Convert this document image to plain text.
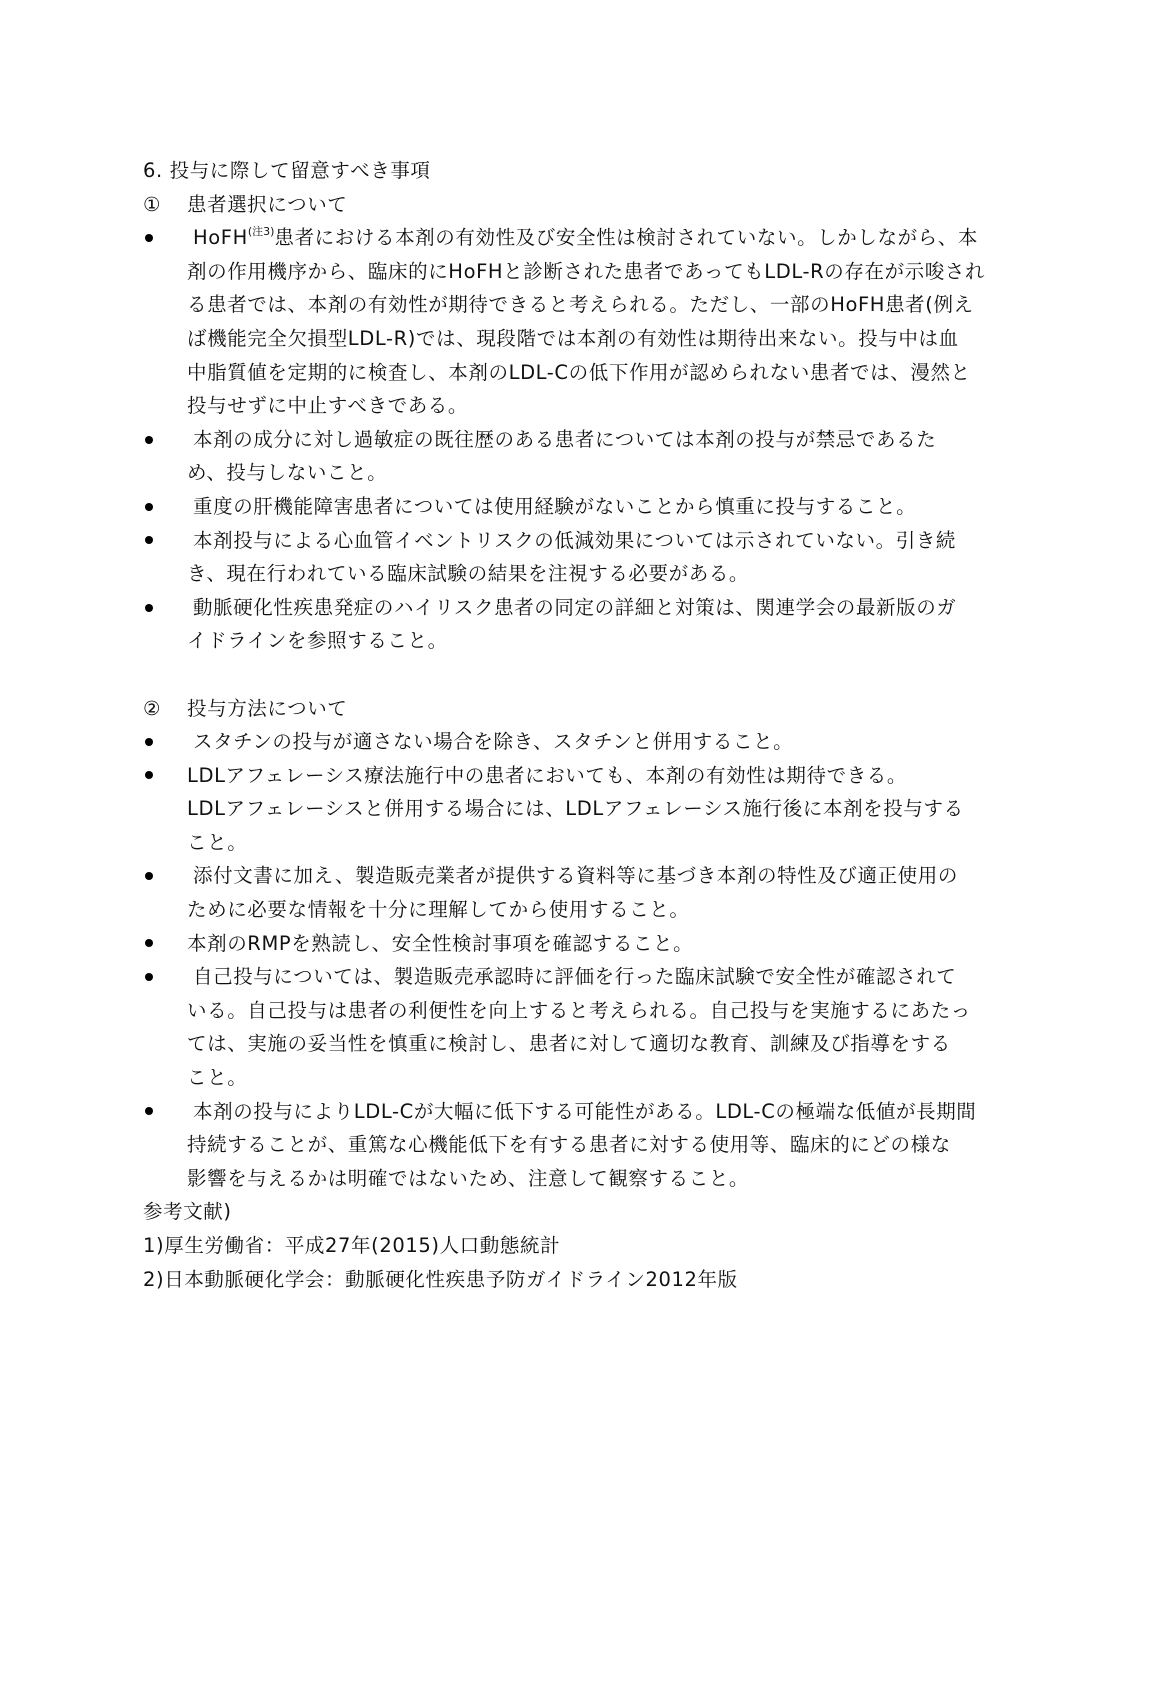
6. 投与に際して留意すべき事項
①	患者選択について
HoFH$^{(注3)}$患者における本剤の有効性及び安全性は検討されていない。しかしながら、本
剤の作用機序から、臨床的にHoFHと診断された患者であってもLDL-Rの存在が示唆され
る患者では、本剤の有効性が期待できると考えられる。ただし、一部のHoFH患者(例え
ば機能完全欠損型LDL-R)では、現段階では本剤の有効性は期待出来ない。投与中は血
中脂質値を定期的に検査し、本剤のLDL-Cの低下作用が認められない患者では、漫然と
投与せずに中止すべきである。
本剤の成分に対し過敏症の既往歴のある患者については本剤の投与が禁忌であるた
め、投与しないこと。
重度の肝機能障害患者については使用経験がないことから慎重に投与すること。
本剤投与による心血管イベントリスクの低減効果については示されていない。引き続
き、現在行われている臨床試験の結果を注視する必要がある。
動脈硬化性疾患発症のハイリスク患者の同定の詳細と対策は、関連学会の最新版のガ
イドラインを参照すること。
②	投与方法について
スタチンの投与が適さない場合を除き、スタチンと併用すること。
LDLアフェレーシス療法施行中の患者においても、本剤の有効性は期待できる。
LDLアフェレーシスと併用する場合には、LDLアフェレーシス施行後に本剤を投与する
こと。
添付文書に加え、製造販売業者が提供する資料等に基づき本剤の特性及び適正使用の
ために必要な情報を十分に理解してから使用すること。
本剤のRMPを熟読し、安全性検討事項を確認すること。
自己投与については、製造販売承認時に評価を行った臨床試験で安全性が確認されて
いる。自己投与は患者の利便性を向上すると考えられる。自己投与を実施するにあたっ
ては、実施の妥当性を慎重に検討し、患者に対して適切な教育、訓練及び指導をする
こと。
本剤の投与によりLDL-Cが大幅に低下する可能性がある。LDL-Cの極端な低値が長期間
持続することが、重篤な心機能低下を有する患者に対する使用等、臨床的にどの様な
影響を与えるかは明確ではないため、注意して観察すること。
参考文献)
1)厚生労働省：平成27年(2015)人口動態統計
2)日本動脈硬化学会：動脈硬化性疾患予防ガイドライン2012年版
